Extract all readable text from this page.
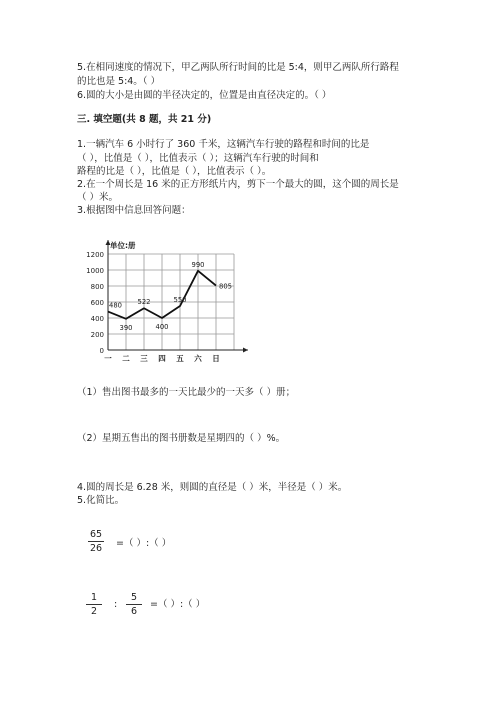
5.在相同速度的情况下，甲乙两队所行时间的比是 5:4，则甲乙两队所行路程
的比也是 5:4。（ ）
6.圆的大小是由圆的半径决定的，位置是由直径决定的。（ ）
三. 填空题(共 8 题，共 21 分)
1.一辆汽车 6 小时行了 360 千米，这辆汽车行驶的路程和时间的比是
（ ），比值是（ ），比值表示（ ）；这辆汽车行驶的时间和
路程的比是（ ），比值是（ ），比值表示（ ）。
2.在一个周长是 16 米的正方形纸片内，剪下一个最大的圆，这个圆的周长是
（ ）米。
3.根据图中信息回答问题：
0
200
400
600
800
1000
1200
单位:册
一 二 三 四 五 六 日
480
390
522
400
550
990
805
（1）售出图书最多的一天比最少的一天多（ ）册；
（2）星期五售出的图书册数是星期四的（ ）%。
4.圆的周长是 6.28 米，则圆的直径是（ ）米，半径是（ ）米。
5.化简比。
65
26 =（ ）:（ ）
1
2
:
5
6
=（ ）:（ ）
